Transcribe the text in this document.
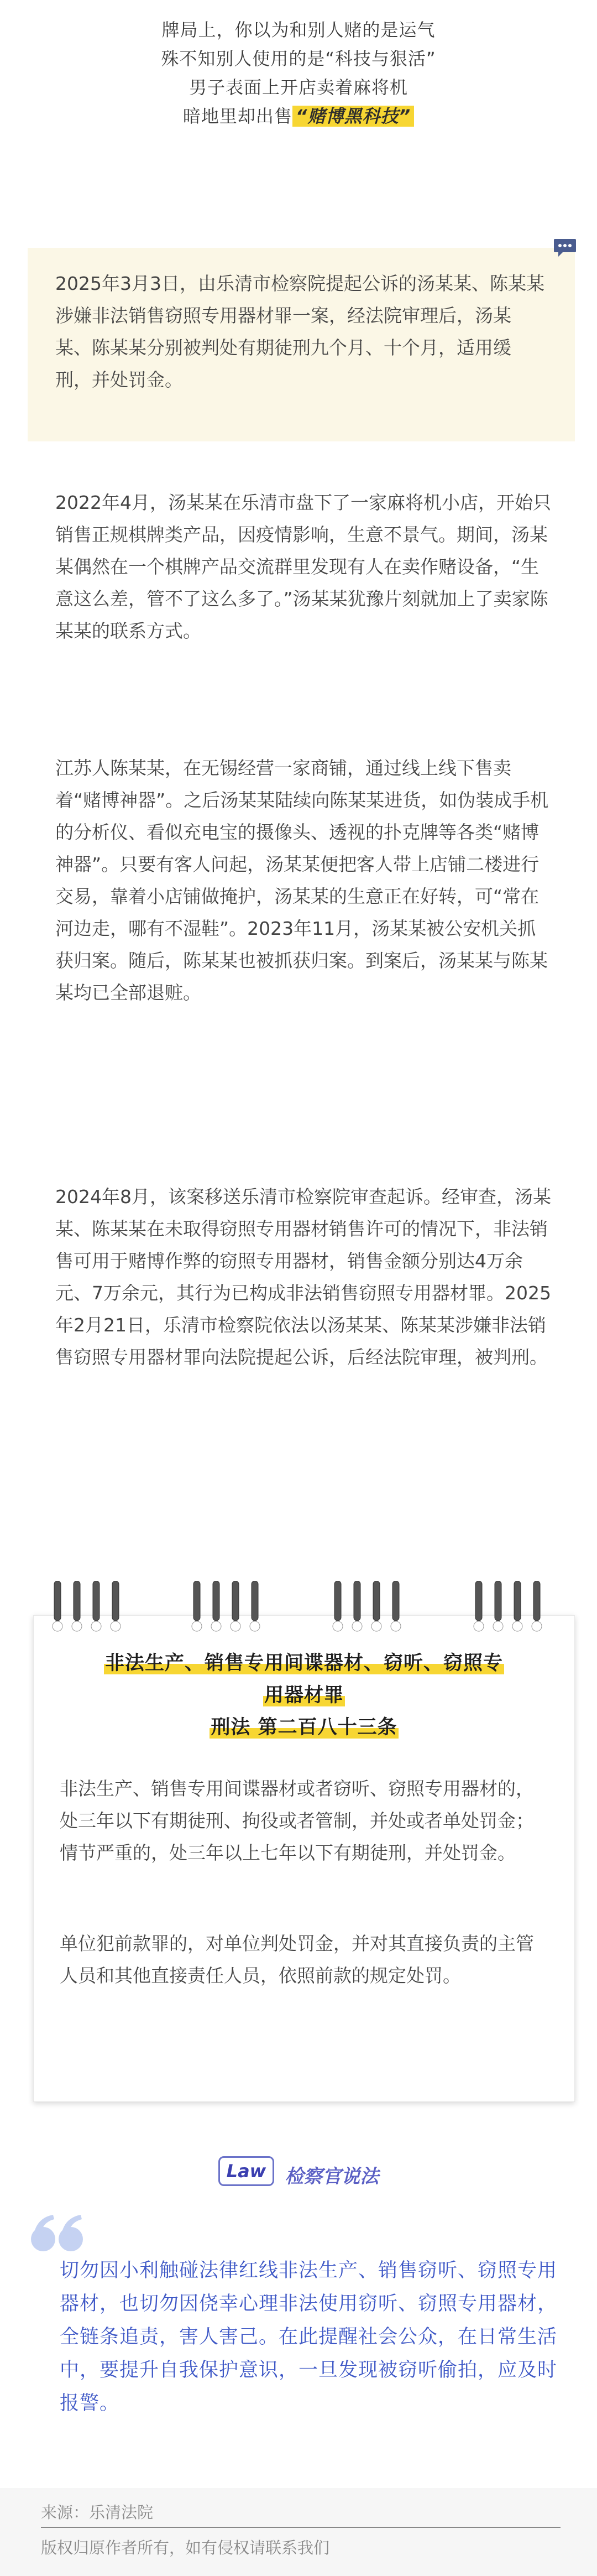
牌局上，你以为和别人赌的是运气

殊不知别人使用的是“科技与狠活”

男子表面上开店卖着麻将机

暗地里却出售 “赌博黑科技”

2025年3月3日，由乐清市检察院提起公诉的汤某某、陈某某涉嫌非法销售窃照专用器材罪一案，经法院审理后，汤某某、陈某某分别被判处有期徒刑九个月、十个月，适用缓刑，并处罚金。

2022年4月，汤某某在乐清市盘下了一家麻将机小店，开始只销售正规棋牌类产品，因疫情影响，生意不景气。期间，汤某某偶然在一个棋牌产品交流群里发现有人在卖作赌设备，“生意这么差，管不了这么多了。”汤某某犹豫片刻就加上了卖家陈某某的联系方式。

江苏人陈某某，在无锡经营一家商铺，通过线上线下售卖着“赌博神器”。之后汤某某陆续向陈某某进货，如伪装成手机的分析仪、看似充电宝的摄像头、透视的扑克牌等各类“赌博神器”。只要有客人问起，汤某某便把客人带上店铺二楼进行交易，靠着小店铺做掩护，汤某某的生意正在好转，可“常在河边走，哪有不湿鞋”。2023年11月，汤某某被公安机关抓获归案。随后，陈某某也被抓获归案。到案后，汤某某与陈某某均已全部退赃。

2024年8月，该案移送乐清市检察院审查起诉。经审查，汤某某、陈某某在未取得窃照专用器材销售许可的情况下，非法销售可用于赌博作弊的窃照专用器材，销售金额分别达4万余元、7万余元，其行为已构成非法销售窃照专用器材罪。2025年2月21日，乐清市检察院依法以汤某某、陈某某涉嫌非法销售窃照专用器材罪向法院提起公诉，后经法院审理，被判刑。

非法生产、销售专用间谍器材、窃听、窃照专
用器材罪
刑法 第二百八十三条

非法生产、销售专用间谍器材或者窃听、窃照专用器材的，处三年以下有期徒刑、拘役或者管制，并处或者单处罚金；情节严重的，处三年以上七年以下有期徒刑，并处罚金。

单位犯前款罪的，对单位判处罚金，并对其直接负责的主管人员和其他直接责任人员，依照前款的规定处罚。

Law 检察官说法

切勿因小利触碰法律红线非法生产、销售窃听、窃照专用器材，也切勿因侥幸心理非法使用窃听、窃照专用器材，全链条追责，害人害己。在此提醒社会公众，在日常生活中，要提升自我保护意识，一旦发现被窃听偷拍，应及时报警。

来源：乐清法院
版权归原作者所有，如有侵权请联系我们
